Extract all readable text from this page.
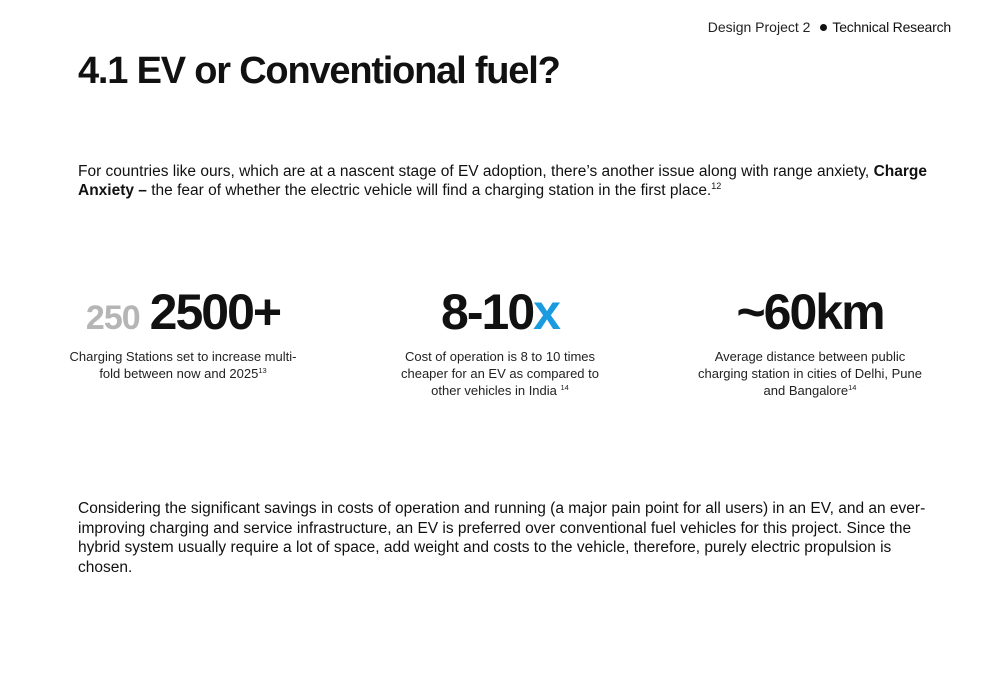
Design Project 2 Technical Research
4.1 EV or Conventional fuel?

For countries like ours, which are at a nascent stage of EV adoption, there’s another issue along with range anxiety, Charge Anxiety – the fear of whether the electric vehicle will find a charging station in the first place.$^{12}$

250 2500+
Charging Stations set to increase multi-fold between now and 2025$^{13}$
8-10 x
Cost of operation is 8 to 10 times cheaper for an EV as compared to other vehicles in India $^{14}$
~60km
Average distance between public charging station in cities of Delhi, Pune and Bangalore$^{14}$

Considering the significant savings in costs of operation and running (a major pain point for all users) in an EV, and an ever-improving charging and service infrastructure, an EV is preferred over conventional fuel vehicles for this project. Since the hybrid system usually require a lot of space, add weight and costs to the vehicle, therefore, purely electric propulsion is chosen.
